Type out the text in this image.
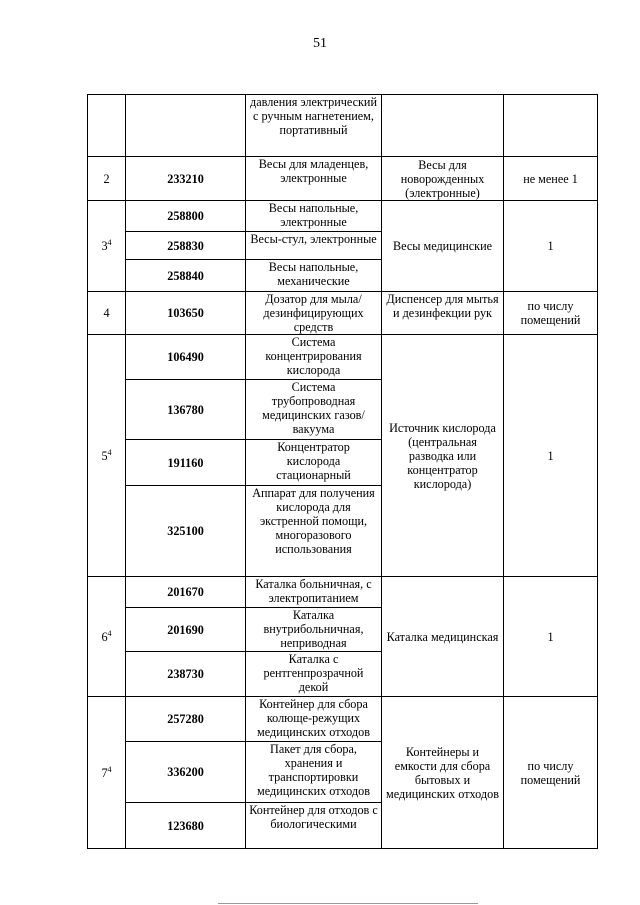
51
		давления электрический с ручным нагнетением, портативный		
2	233210	Весы для младенцев, электронные	Весы для новорожденных (электронные)	не менее 1
$3^4$	258800	Весы напольные, электронные	Весы медицинские	1
	258830	Весы-стул, электронные		
	258840	Весы напольные, механические		
4	103650	Дозатор для мыла/ дезинфицирующих средств	Диспенсер для мытья и дезинфекции рук	по числу помещений
$5^4$	106490	Система концентрирования кислорода	Источник кислорода (центральная разводка или концентратор кислорода)	1
	136780	Система трубопроводная медицинских газов/вакуума		
	191160	Концентратор кислорода стационарный		
	325100	Аппарат для получения кислорода для экстренной помощи, многоразового использования		
$6^4$	201670	Каталка больничная, с электропитанием	Каталка медицинская	1
	201690	Каталка внутрибольничная, неприводная		
	238730	Каталка с рентгенпрозрачной декой		
$7^4$	257280	Контейнер для сбора колюще-режущих медицинских отходов	Контейнеры и емкости для сбора бытовых и медицинских отходов	по числу помещений
	336200	Пакет для сбора, хранения и транспортировки медицинских отходов		
	123680	Контейнер для отходов с биологическими		
